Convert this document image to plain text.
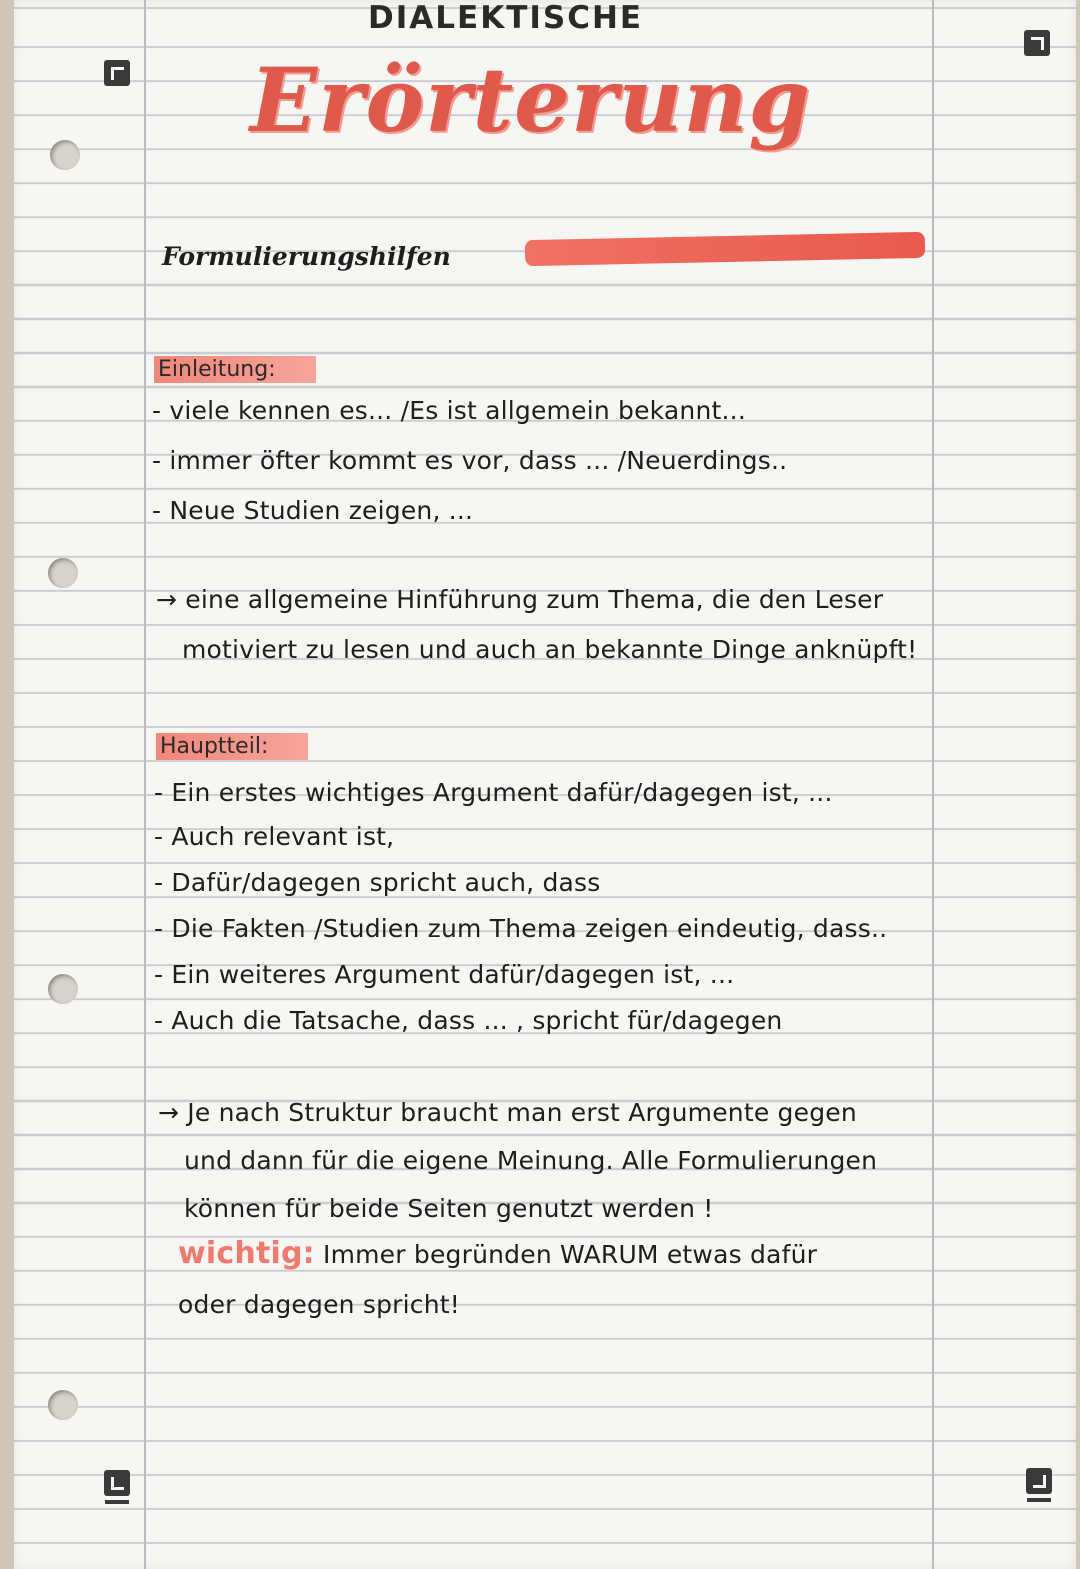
DIALEKTISCHE
Erörterung
Formulierungshilfen
Einleitung:
- viele kennen es... /Es ist allgemein bekannt...
- immer öfter kommt es vor, dass ... /Neuerdings..
- Neue Studien zeigen, ...
→ eine allgemeine Hinführung zum Thema, die den Leser
motiviert zu lesen und auch an bekannte Dinge anknüpft!
Hauptteil:
- Ein erstes wichtiges Argument dafür/dagegen ist, ...
- Auch relevant ist,
- Dafür/dagegen spricht auch, dass
- Die Fakten /Studien zum Thema zeigen eindeutig, dass..
- Ein weiteres Argument dafür/dagegen ist, ...
- Auch die Tatsache, dass ... , spricht für/dagegen
→ Je nach Struktur braucht man erst Argumente gegen
und dann für die eigene Meinung. Alle Formulierungen
können für beide Seiten genutzt werden !
wichtig: Immer begründen WARUM etwas dafür
oder dagegen spricht!
